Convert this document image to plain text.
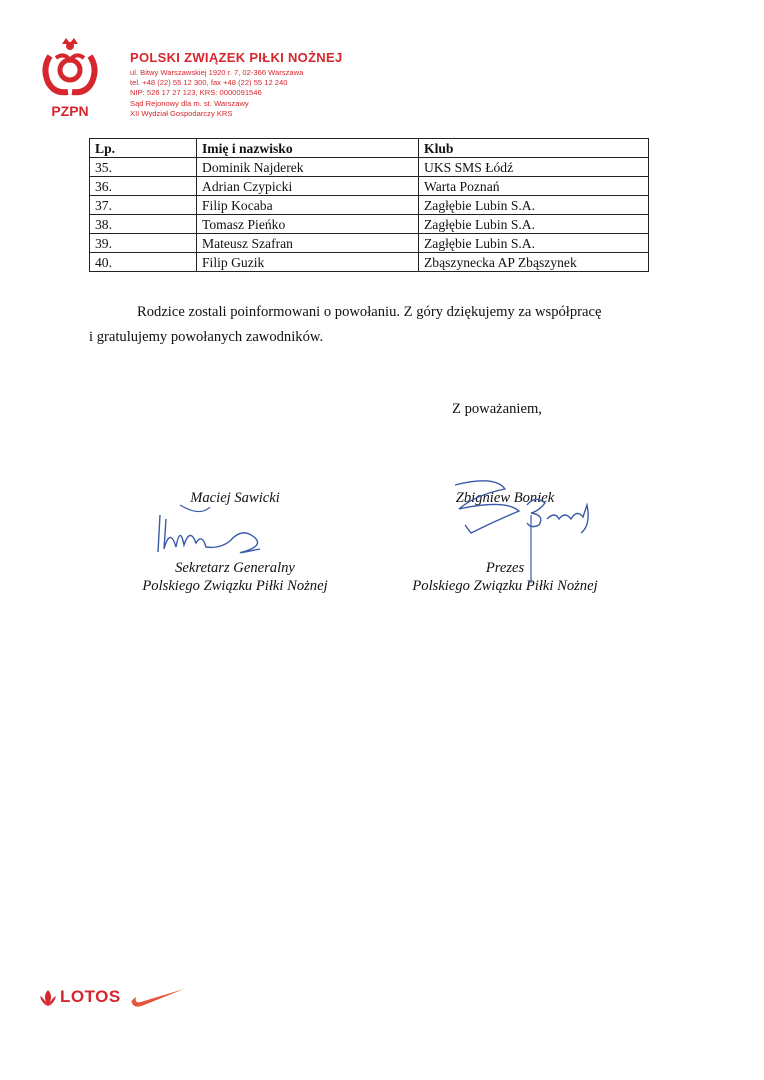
PZPN
POLSKI ZWIĄZEK PIŁKI NOŻNEJ
ul. Bitwy Warszawskiej 1920 r. 7, 02-366 Warszawa
tel. +48 (22) 55 12 300, fax +48 (22) 55 12 240
NIP: 526 17 27 123, KRS: 0000091546
Sąd Rejonowy dla m. st. Warszawy
XII Wydział Gospodarczy KRS
Lp.	Imię i nazwisko	Klub
35.	Dominik Najderek	UKS SMS Łódź
36.	Adrian Czypicki	Warta Poznań
37.	Filip Kocaba	Zagłębie Lubin S.A.
38.	Tomasz Pieńko	Zagłębie Lubin S.A.
39.	Mateusz Szafran	Zagłębie Lubin S.A.
40.	Filip Guzik	Zbąszynecka AP Zbąszynek
Rodzice zostali poinformowani o powołaniu. Z góry dziękujemy za współpracę
i gratulujemy powołanych zawodników.
Z poważaniem,
Maciej Sawicki
Sekretarz Generalny
Polskiego Związku Piłki Nożnej
Zbigniew Boniek
Prezes
Polskiego Związku Piłki Nożnej
LOTOS
